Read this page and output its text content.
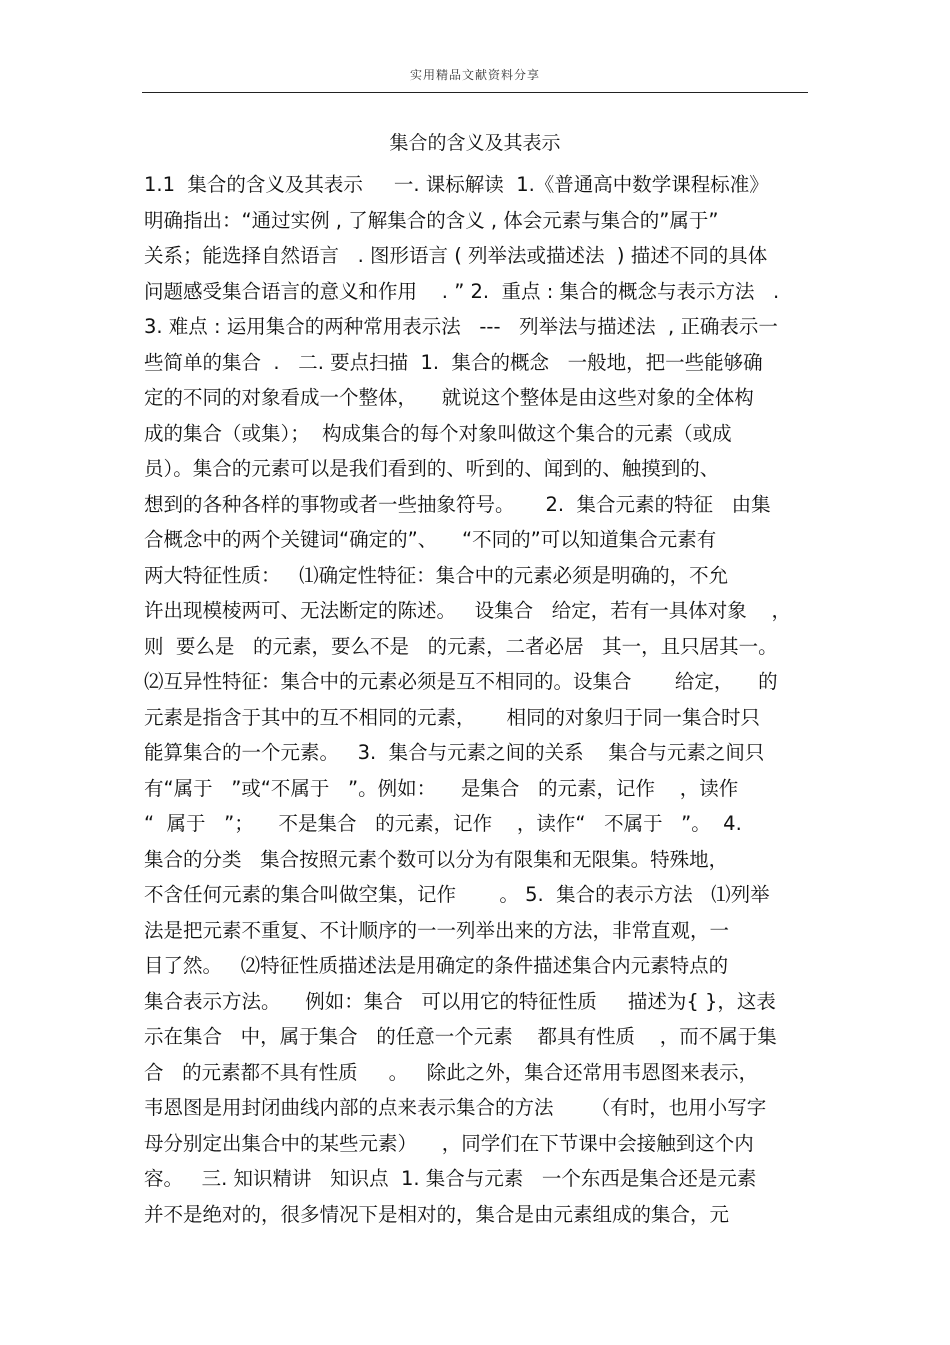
实用精品文献资料分享
集合的含义及其表示
1.1  集合的含义及其表示     一. 课标解读  1.《普通高中数学课程标准》
明确指出：“通过实例 , 了解集合的含义 , 体会元素与集合的”属于”
关系；能选择自然语言   . 图形语言 ( 列举法或描述法  ) 描述不同的具体
问题感受集合语言的意义和作用    . ” 2.  重点 : 集合的概念与表示方法   .
3. 难点 : 运用集合的两种常用表示法   ---   列举法与描述法  , 正确表示一
些简单的集合  .   二. 要点扫描  1.  集合的概念   一般地，把一些能够确
定的不同的对象看成一个整体，    就说这个整体是由这些对象的全体构
成的集合（或集）；  构成集合的每个对象叫做这个集合的元素（或成
员）。集合的元素可以是我们看到的、听到的、闻到的、触摸到的、
想到的各种各样的事物或者一些抽象符号。     2.  集合元素的特征   由集
合概念中的两个关键词“确定的”、    “不同的”可以知道集合元素有
两大特征性质：   ⑴确定性特征：集合中的元素必须是明确的，不允
许出现模棱两可、无法断定的陈述。   设集合   给定，若有一具体对象    ，
则  要么是   的元素，要么不是   的元素，二者必居   其一，且只居其一。
⑵互异性特征：集合中的元素必须是互不相同的。设集合       给定，    的
元素是指含于其中的互不相同的元素，     相同的对象归于同一集合时只
能算集合的一个元素。   3.  集合与元素之间的关系    集合与元素之间只
有“属于   ”或“不属于   ”。例如：    是集合   的元素，记作    ，读作
“  属于   ”；    不是集合   的元素，记作    ，读作“   不属于   ”。  4.
集合的分类   集合按照元素个数可以分为有限集和无限集。特殊地，
不含任何元素的集合叫做空集，记作       。 5.  集合的表示方法   ⑴列举
法是把元素不重复、不计顺序的一一列举出来的方法，非常直观，一
目了然。   ⑵特征性质描述法是用确定的条件描述集合内元素特点的
集合表示方法。    例如：集合   可以用它的特征性质     描述为{ }，这表
示在集合   中，属于集合   的任意一个元素    都具有性质    ，而不属于集
合   的元素都不具有性质     。   除此之外，集合还常用韦恩图来表示，
韦恩图是用封闭曲线内部的点来表示集合的方法      （有时，也用小写字
母分别定出集合中的某些元素）    ，同学们在下节课中会接触到这个内
容。   三. 知识精讲   知识点  1. 集合与元素   一个东西是集合还是元素
并不是绝对的，很多情况下是相对的，集合是由元素组成的集合，元
